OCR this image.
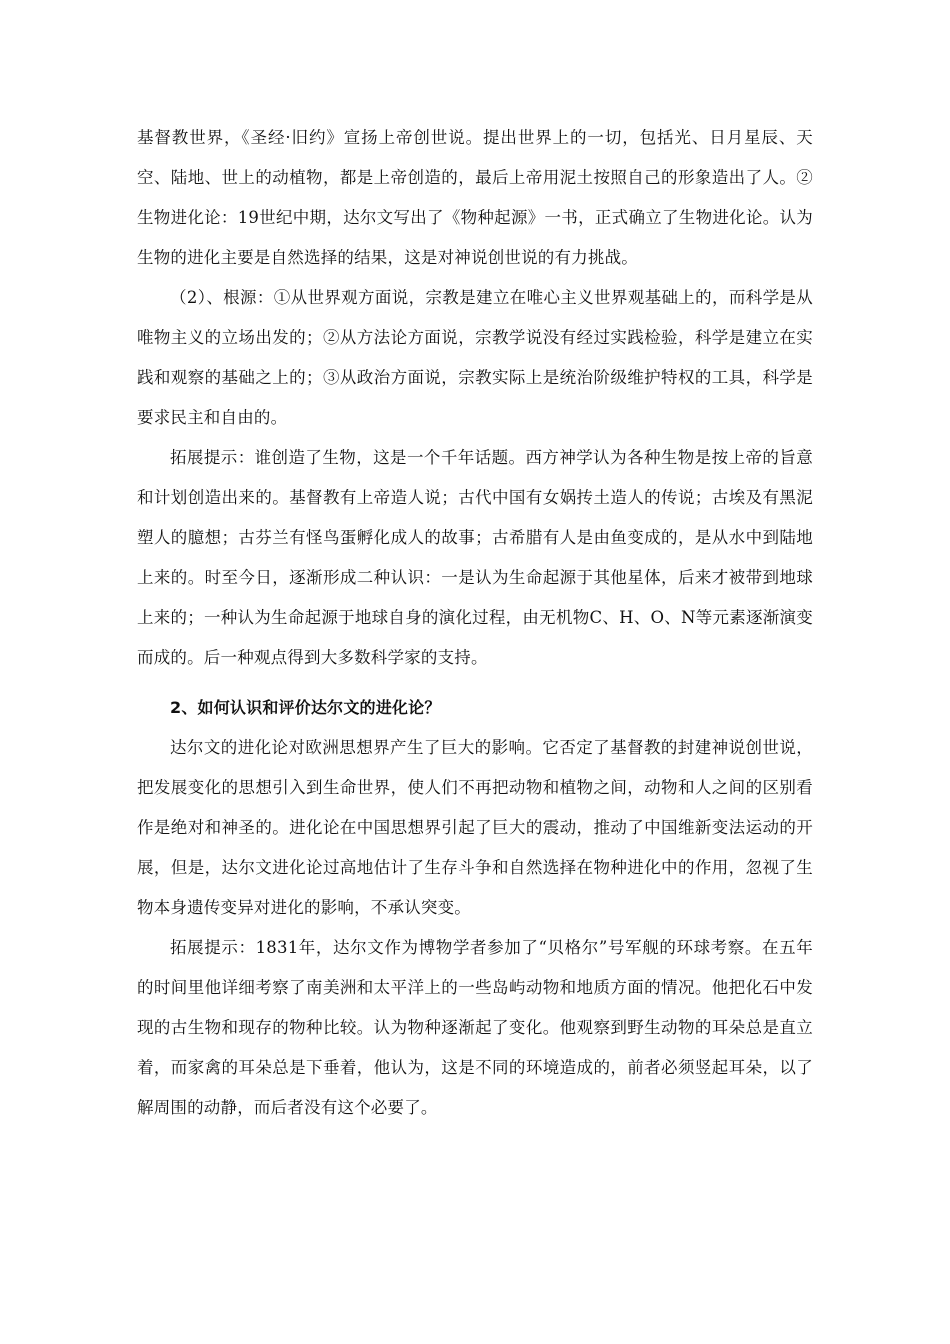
基督教世界，《圣经·旧约》宣扬上帝创世说。提出世界上的一切，包括光、日月星辰、天空、陆地、世上的动植物，都是上帝创造的，最后上帝用泥土按照自己的形象造出了人。②生物进化论：19世纪中期，达尔文写出了《物种起源》一书，正式确立了生物进化论。认为生物的进化主要是自然选择的结果，这是对神说创世说的有力挑战。

（2）、根源：①从世界观方面说，宗教是建立在唯心主义世界观基础上的，而科学是从唯物主义的立场出发的；②从方法论方面说，宗教学说没有经过实践检验，科学是建立在实践和观察的基础之上的；③从政治方面说，宗教实际上是统治阶级维护特权的工具，科学是要求民主和自由的。

拓展提示：谁创造了生物，这是一个千年话题。西方神学认为各种生物是按上帝的旨意和计划创造出来的。基督教有上帝造人说；古代中国有女娲抟土造人的传说；古埃及有黑泥塑人的臆想；古芬兰有怪鸟蛋孵化成人的故事；古希腊有人是由鱼变成的，是从水中到陆地上来的。时至今日，逐渐形成二种认识：一是认为生命起源于其他星体，后来才被带到地球上来的；一种认为生命起源于地球自身的演化过程，由无机物C、H、O、N等元素逐渐演变而成的。后一种观点得到大多数科学家的支持。

2、如何认识和评价达尔文的进化论？

达尔文的进化论对欧洲思想界产生了巨大的影响。它否定了基督教的封建神说创世说，把发展变化的思想引入到生命世界，使人们不再把动物和植物之间，动物和人之间的区别看作是绝对和神圣的。进化论在中国思想界引起了巨大的震动，推动了中国维新变法运动的开展，但是，达尔文进化论过高地估计了生存斗争和自然选择在物种进化中的作用，忽视了生物本身遗传变异对进化的影响，不承认突变。

拓展提示：1831年，达尔文作为博物学者参加了“贝格尔”号军舰的环球考察。在五年的时间里他详细考察了南美洲和太平洋上的一些岛屿动物和地质方面的情况。他把化石中发现的古生物和现存的物种比较。认为物种逐渐起了变化。他观察到野生动物的耳朵总是直立着，而家禽的耳朵总是下垂着，他认为，这是不同的环境造成的，前者必须竖起耳朵，以了解周围的动静，而后者没有这个必要了。
